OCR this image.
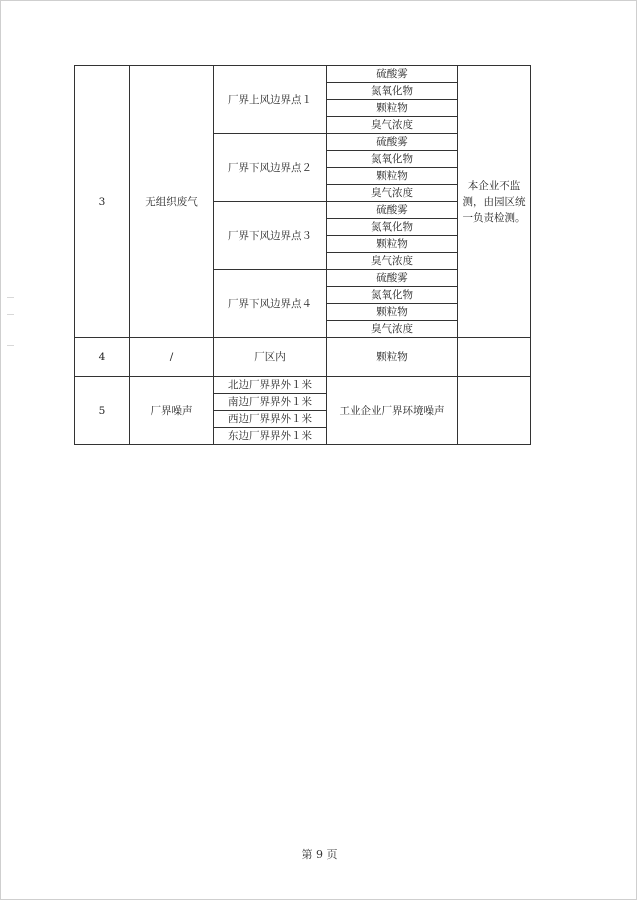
3	无组织废气	厂界上风边界点１	硫酸雾	本企业不监测，由园区统一负责检测。
			氮氧化物	
			颗粒物	
			臭气浓度	
		厂界下风边界点２	硫酸雾	
			氮氧化物	
			颗粒物	
			臭气浓度	
		厂界下风边界点３	硫酸雾	
			氮氧化物	
			颗粒物	
			臭气浓度	
		厂界下风边界点４	硫酸雾	
			氮氧化物	
			颗粒物	
			臭气浓度	
4	/	厂区内	颗粒物	
5	厂界噪声	北边厂界界外１米	工业企业厂界环境噪声	
		南边厂界界外１米		
		西边厂界界外１米		
		东边厂界界外１米		
第 9 页
